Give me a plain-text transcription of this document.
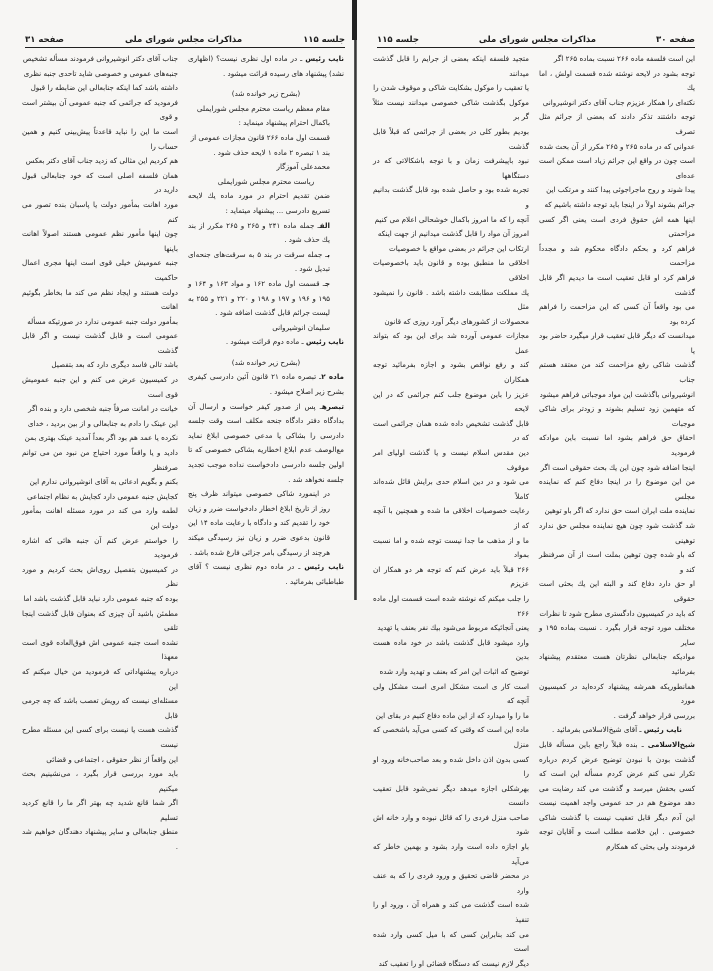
جلسه ۱۱۵
مذاکرات مجلس شورای ملی
صفحه ۳۱

جناب آقای دکتر انوشیروانی فرمودند مسأله تشخیص

جنبه‌های عمومی و خصوصی شاید تاحدی جنبه نظری

داشته باشد کما اینکه جنابعالی این ضابطه را قبول

فرمودید که جرائمی که جنبه عمومی آن بیشتر است و قوی

است ما این را نباید قاعدتاً پیش‌بینی کنیم و همین حساب را

هم کردیم این مثالی که زدید جناب آقای دکتر بعکس

همان فلسفه اصلی است که خود جنابعالی قبول دارید در

مورد اهانت بمأمور دولت یا پاسبان بنده تصور می کنم

چون اینها مأمور نظم عمومی هستند اصولاً اهانت باینها

جنبه عمومیش خیلی قوی است اینها مجری اعمال حاکمیت

دولت هستند و ایجاد نظم می کند ما بخاطر بگوئیم اهانت

بمأمور دولت جنبه عمومی ندارد در صورتیکه مسأله

عمومی است و قابل گذشت نیست و اگر قابل گذشت

باشد تالی فاسد دیگری دارد که بعد بتفصیل

در کمیسیون عرض می کنم و این جنبه عمومیش قوی است

خیانت در امانت صرفاً جنبه شخصی دارد و بنده اگر

این عینک را دادم به جنابعالی و از بین بردید ، خدای

نکرده یا عمد هم بود اگر بعداً آمدید عینک بهتری بمن

دادید و یا واقعاً مورد احتیاج من نبود من می توانم صرفنظر

بکنم و بگویم ادعائی به آقای انوشیروانی ندارم این

کجایش جنبه عمومی دارد کجایش به نظام اجتماعی

لطمه وارد می کند در مورد مسئله اهانت بمأمور دولت این

را خواستم عرض کنم آن جنبه هائی که اشاره فرمودید

در کمیسیون بتفصیل روی‌اش بحث کردیم و مورد نظر

بوده که جنبه عمومی دارد نباید قابل گذشت باشد اما

مطمئن باشید آن چیزی که بعنوان قابل گذشت اینجا تلقی

نشده است جنبه عمومی اش فوق‌العاده قوی است معهذا

درباره پیشنهاداتی که فرمودید من خیال میکنم که این

مسئله‌ای نیست که رویش تعصب باشد که چه جرمی قابل

گذشت هست یا نیست برای کسی این مسئله مطرح نیست

این واقعاً از نظر حقوقی ، اجتماعی و قضائی

باید مورد بررسی قرار بگیرد ، می‌نشینیم بحث میکنیم

اگر شما قانع شدید چه بهتر اگر ما را قانع کردید تسلیم

منطق جنابعالی و سایر پیشنهاد دهندگان خواهیم شد .

نایب رئیس ـ در ماده اول نظری نیست؟ (اظهاری نشد) پیشنهاد های رسیده قرائت میشود .

(بشرح زیر خوانده شد)

مقام معظم ریاست محترم مجلس شورایملی

باکمال احترام پیشنهاد مینماید :

قسمت اول ماده ۲۶۶ قانون مجازات عمومی از

بند ۱ تبصره ۲ ماده ۱ لایحه حذف شود .

محمدعلی آموزگار

ریاست محترم مجلس شورایملی

ضمن تقدیم احترام در مورد ماده یك لایحه تسریع دادرسی ... پیشنهاد میتماید :

الفـ جمله ماده ۲۴۱ و ۲۶۵ و ۲۶۵ مکرر از بند یك حذف شود .

بـ جمله سرقت در بند ۵ به سرقت‌های جنحه‌ای تبدیل شود .

جـ قسمت اول ماده ۱۶۲ و مواد ۱۶۳ و ۱۶۴ و ۱۹۵ و ۱۹۶ و ۱۹۷ و ۱۹۸ و ۲۲۰ و ۲۲۱ و ۲۵۵ به لیست جرائم قابل گذشت اضافه شود .

سلیمان انوشیروانی

نایب رئیس ـ ماده دوم قرائت میشود .

(بشرح زیر خوانده شد)

ماده ۲ـ تبصره ماده ۲۱ قانون آئین دادرسی کیفری بشرح زیر اصلاح میشود .

تبصرهـ پس از صدور کیفر خواست و ارسال آن بدادگاه دفتر دادگاه جنحه مکلف است وقت جلسه دادرسی را بشاکی یا مدعی خصوصی ابلاغ نماید مع‌الوصف عدم ابلاغ اخطاریه بشاکی خصوصی که تا اولین جلسه دادرسی دادخواست نداده موجب تجدید جلسه نخواهد شد .

در اینمورد شاکی خصوصی میتواند ظرف پنج روز از تاریخ ابلاغ اخطار دادخواست ضرر و زیان خود را تقدیم کند و دادگاه با رعایت ماده ۱۴ این قانون بدعوی ضرر و زیان نیز رسیدگی میکند هرچند از رسیدگی بامر جزائی فارغ شده باشد .

نایب رئیس ـ در ماده دوم نظری نیست ؟ آقای طباطبائی بفرمائید .

صفحه ۳۰
مذاکرات مجلس شورای ملی
جلسه ۱۱۵

متجید فلسفه اینکه بعضی از جرایم را قابل گذشت میدانند

یا تعقیب را موکول بشکایت شاکی و موقوف شدن را

موکول بگذشت شاکی خصوصی میدانند نیست مثلاً گر بر

بودیم بطور کلی در بعضی از جرائمی که قبلاً قابل گذشت

نبود باپیشرفت زمان و با توجه باشکالاتی که در دستگاهها

تجربه شده بود و حاصل شده بود قابل گذشت بدانیم و

آنچه را که ما امروز باکمال خوشحالی اعلام می کنیم

امروز آن مواد را قابل گذشت میدانیم از جهت اینکه

ارتکاب این جرائم در بعضی مواقع با خصوصیات

اخلاقی ما منطبق بوده و قانون باید باخصوصیات اخلاقی

یك مملکت مطابقت داشته باشد . قانون را نمیشود مثل

محصولات از کشورهای دیگر آورد روزی که قانون

مجازات عمومی آورده شد برای این بود که بتواند عمل

کند و رفع نواقص بشود و اجازه بفرمائید توجه همکاران

عزیز را باین موضوع جلب کنم جرائمی که در این لایحه

قابل گذشت تشخیص داده شده همان جرائمی است که در

دین مقدس اسلام نیست و یا گذشت اولیای امر موقوف

می شود و در دین اسلام حدی برایش قائل شده‌اند کاملاً

رعایت خصوصیات اخلاقی ما شده و همچنین با آنچه که از

ما و از مذهب ما جدا نیست توجه شده و اما نسبت بمواد

۲۶۶ قبلاً باید عرض کنم که توجه هر دو همکار ان عزیزم

را جلب میکنم که نوشته شده است قسمت اول ماده ۲۶۶

یعنی آنجائیکه مربوط می‌شود بیك نفر بعنف یا تهدید

وارد میشود قابل گذشت باشد در خود ماده هست بدین

توضیح که اثبات این امر که بعنف و تهدید وارد شده

است کار ی است مشکل امری است مشکل ولی آنچه که

ما را وا میدارد که از این ماده دفاع کنیم در بقای این

ماده این است که وقتی که کسی می‌آید باشخصی که منزل

کسی بدون اذن داخل شده و بعد صاحب‌خانه ورود او را

بهرشکلی اجازه میدهد دیگر نمی‌شود قابل تعقیب دانست

صاحب منزل فردی را که قائل نبوده و وارد خانه اش شود

باو اجازه داده است وارد بشود و بهمین خاطر که می‌آید

در محضر قاضی تحقیق و ورود فردی را که به عنف وارد

شده است گذشت می کند و همراه آن ، ورود او را تنفیذ

می کند بنابراین کسی که با میل کسی وارد شده است

دیگر لازم نیست که دستگاه قضائی او را تعقیب کند

این است فلسفه ماده ۲۶۶ نسبت بماده ۲۶۵ اگر

توجه بشود در لایحه نوشته شده قسمت اولش ، اما یك

نکته‌ای را همکار عزیزم جناب آقای دکتر انوشیروانی

توجه داشتند تذکر دادند که بعضی از جرائم مثل تصرف

عدوانی که در ماده ۲۶۵ و ۲۶۵ مکرر از آن بحث شده

است چون در واقع این جرائم زیاد است ممکن است عده‌ای

پیدا شوند و روح ماجراجوئی پیدا کنند و مرتکب این

جرائم بشوند اولاً در اینجا باید توجه داشته باشیم که

اینها همه اش حقوق فردی است یعنی اگر کسی مزاحمتی

فراهم کرد و بحکم دادگاه محکوم شد و مجدداً مزاحمت

فراهم کرد او قابل تعقیب است ما دیدیم اگر قابل گذشت

می بود واقعاً آن کسی که این مزاحمت را فراهم کرده بود

میدانست که دیگر قابل تعقیب قرار میگیرد حاضر بود یا

گذشت شاکی رفع مزاحمت کند من معتقد هستم جناب

انوشیروانی باگذشت این مواد موجباتی فراهم میشود

که متهمین زود تسلیم بشوند و زودتر برای شاکی موجبات

احقاق حق فراهم بشود اما نسبت باین موادکه فرمودید

اینجا اضافه شود چون این یك بحث حقوقی است اگر

من این موضوع را در اینجا دفاع کنم که نماینده مجلس

نماینده ملت ایران است حق ندارد که اگر باو توهین

شد گذشت شود چون هیچ نماینده مجلس حق ندارد توهینی

که باو شده چون توهین بملت است از آن صرفنظر کند و

او حق دارد دفاع کند و البته این یك بحثی است حقوقی

که باید در کمیسیون دادگستری مطرح شود تا نظرات

مختلف مورد توجه قرار بگیرد . نسبت بماده ۱۹۵ و سایر

موادیکه جنابعالی نظرتان هست معتقدم پیشنهاد بفرمائید

همانطوریکه همرشه پیشنهاد کرده‌اید در کمیسیون مورد

بررسی قرار خواهد گرفت .

نایب رئیس ـ آقای شیخ‌الاسلامی بفرمائید .

شیخ‌الاسلامی ـ بنده قبلاً راجع باین مسأله قابل گذشت بودن با نبودن توضیح عرض کردم درباره تکرار نمی کنم عرض کردم مسأله این است که کسی بحقش میرسد و گذشت می کند رضایت می دهد موضوع هم در حد عمومی واجد اهمیت نیست این آدم دیگر قابل تعقیب نیست با گذشت شاکی خصوصی . این خلاصه مطلب است و آقایان توجه فرمودند ولی بحثی که همکارم
